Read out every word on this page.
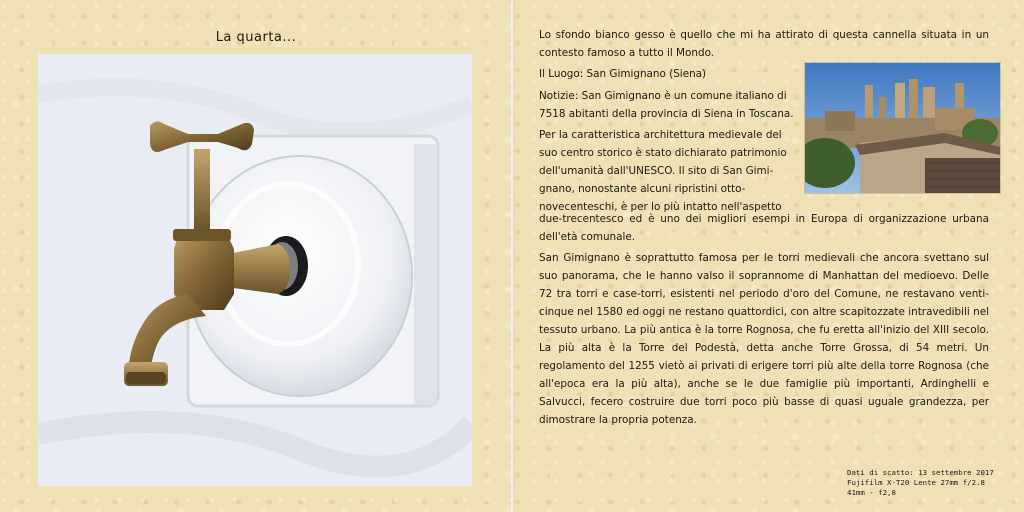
La quarta...	Lo sfondo bianco gesso è quello che mi ha attirato di questa cannella situata in un contesto famoso a tutto il Mondo.

Il Luogo: San Gimignano (Siena)

Notizie: San Gimignano è un comune italiano di
7518 abitanti della provincia di Siena in Toscana.
Per la caratteristica architettura medievale del
suo centro storico è stato dichiarato patrimonio
dell'umanità dall'UNESCO. Il sito di San Gimi-
gnano, nonostante alcuni ripristini otto-
novecenteschi, è per lo più intatto nell'aspetto

due-trecentesco ed è uno dei migliori esempi in Europa di organizzazione urbana dell'età comunale.

San Gimignano è soprattutto famosa per le torri medievali che ancora svettano sul suo panorama, che le hanno valso il soprannome di Manhattan del medioevo. Delle 72 tra torri e case-torri, esistenti nel periodo d'oro del Comune, ne restavano venti-cinque nel 1580 ed oggi ne restano quattordici, con altre scapitozzate intravedibili nel tessuto urbano. La più antica è la torre Rognosa, che fu eretta all'inizio del XIII secolo. La più alta è la Torre del Podestà, detta anche Torre Grossa, di 54 metri. Un regolamento del 1255 vietò ai privati di erigere torri più alte della torre Rognosa (che all'epoca era la più alta), anche se le due famiglie più importanti, Ardinghelli e Salvucci, fecero costruire due torri poco più basse di quasi uguale grandezza, per dimostrare la propria potenza.

Dati di scatto: 13 settembre 2017
Fujifilm X-T20 Lente 27mm f/2.8
41mm - f2,8
